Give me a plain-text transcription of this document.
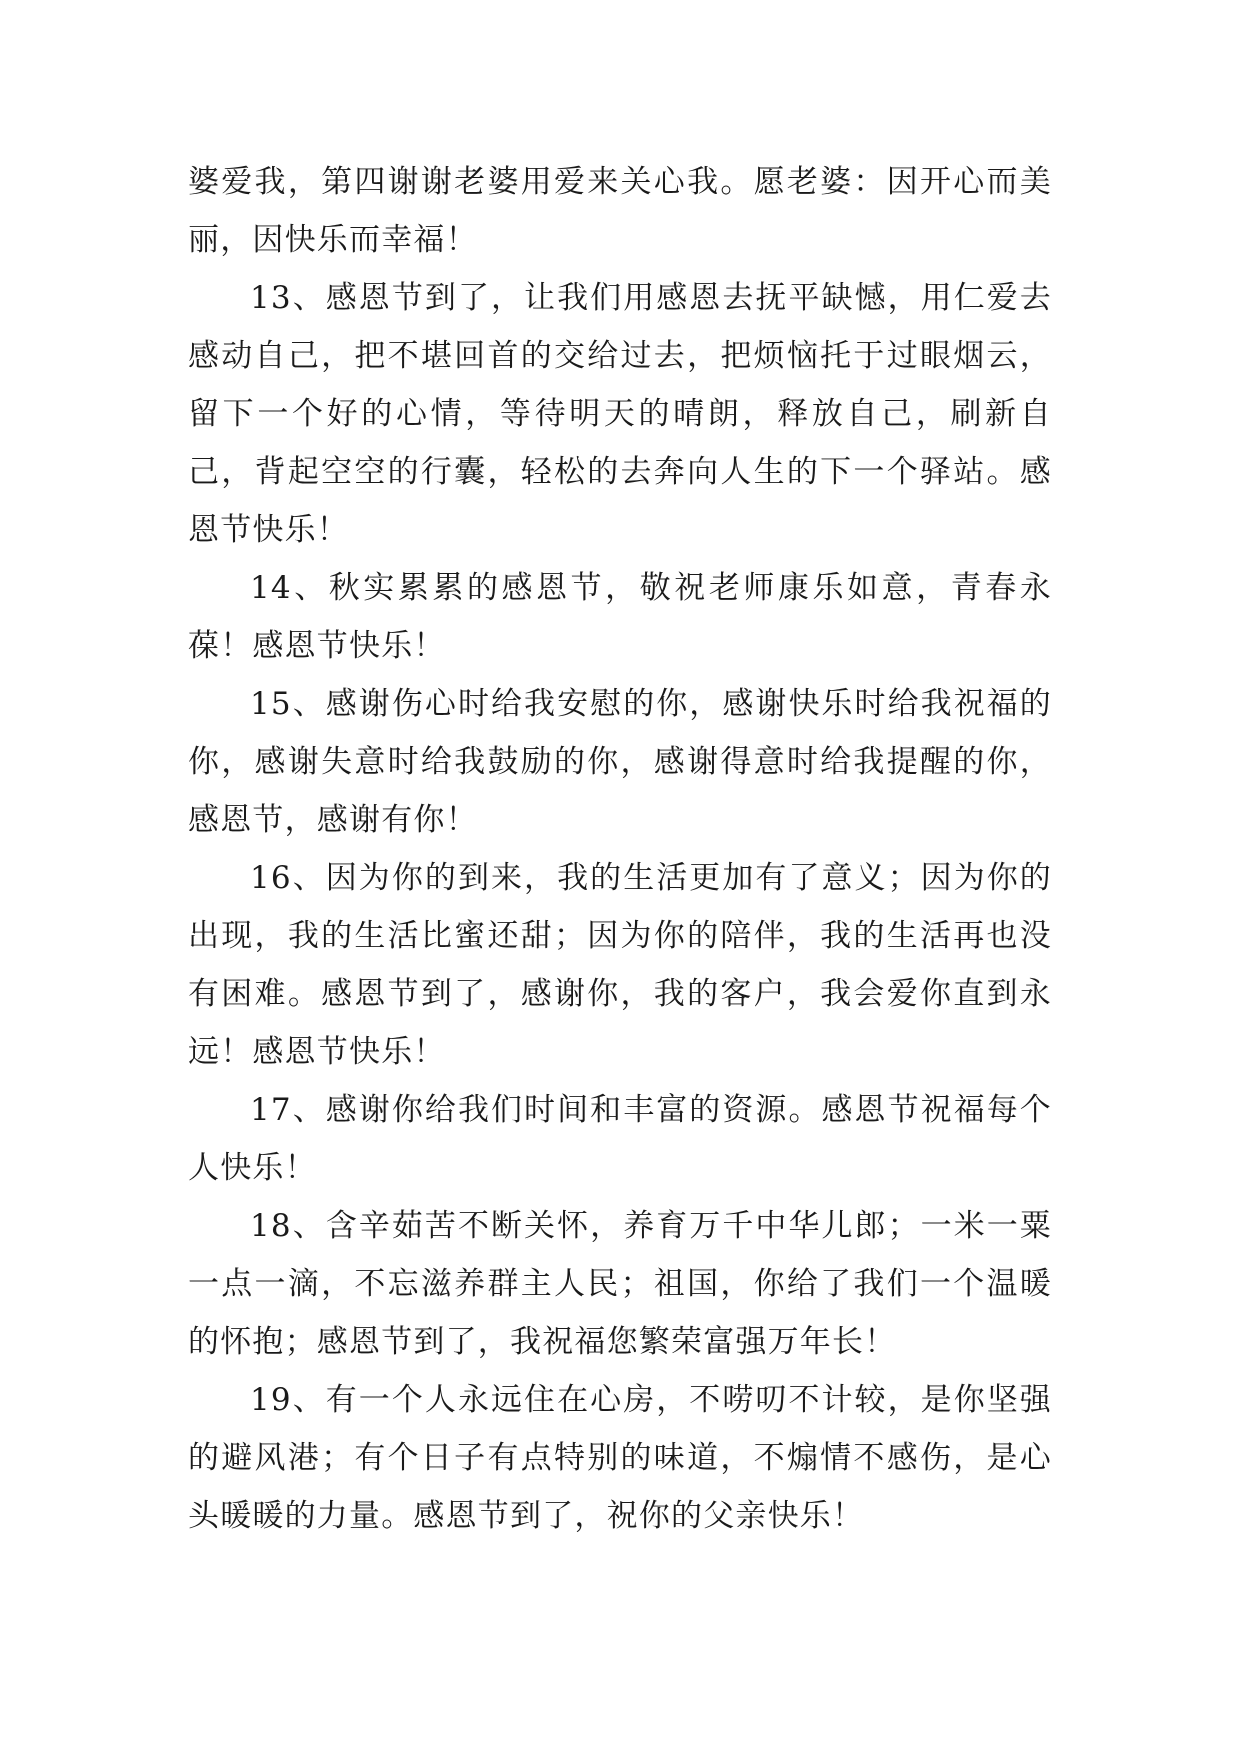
婆爱我，第四谢谢老婆用爱来关心我。愿老婆：因开心而美丽，因快乐而幸福！

13、感恩节到了，让我们用感恩去抚平缺憾，用仁爱去感动自己，把不堪回首的交给过去，把烦恼托于过眼烟云，留下一个好的心情，等待明天的晴朗，释放自己，刷新自己，背起空空的行囊，轻松的去奔向人生的下一个驿站。感恩节快乐！

14、秋实累累的感恩节，敬祝老师康乐如意，青春永葆！感恩节快乐！

15、感谢伤心时给我安慰的你，感谢快乐时给我祝福的你，感谢失意时给我鼓励的你，感谢得意时给我提醒的你，感恩节，感谢有你！

16、因为你的到来，我的生活更加有了意义；因为你的出现，我的生活比蜜还甜；因为你的陪伴，我的生活再也没有困难。感恩节到了，感谢你，我的客户，我会爱你直到永远！感恩节快乐！

17、感谢你给我们时间和丰富的资源。感恩节祝福每个人快乐！

18、含辛茹苦不断关怀，养育万千中华儿郎；一米一粟一点一滴，不忘滋养群主人民；祖国，你给了我们一个温暖的怀抱；感恩节到了，我祝福您繁荣富强万年长！

19、有一个人永远住在心房，不唠叨不计较，是你坚强的避风港；有个日子有点特别的味道，不煽情不感伤，是心头暖暖的力量。感恩节到了，祝你的父亲快乐！
